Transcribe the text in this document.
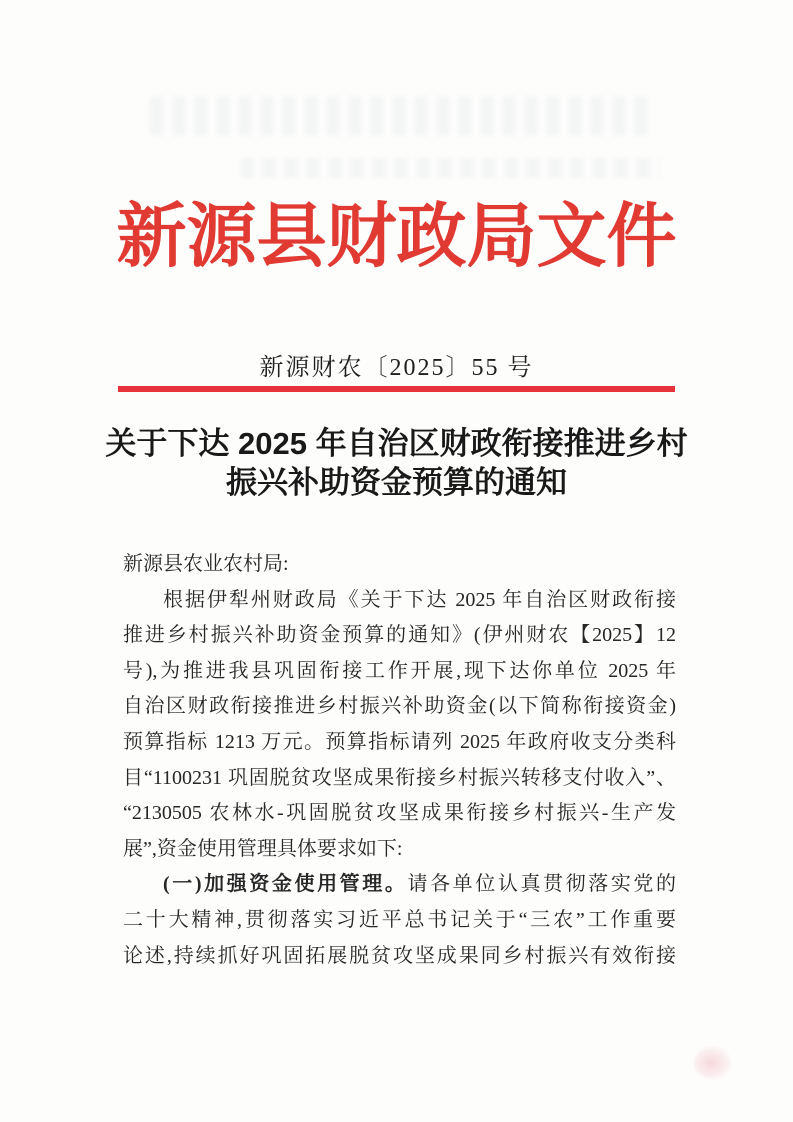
新源县财政局文件
新源财农〔2025〕55 号
关于下达 2025 年自治区财政衔接推进乡村
振兴补助资金预算的通知
新源县农业农村局:
根据伊犁州财政局《关于下达 2025 年自治区财政衔接
推进乡村振兴补助资金预算的通知》(伊州财农【2025】12
号),为推进我县巩固衔接工作开展,现下达你单位 2025 年
自治区财政衔接推进乡村振兴补助资金(以下简称衔接资金)
预算指标 1213 万元。预算指标请列 2025 年政府收支分类科
目“1100231 巩固脱贫攻坚成果衔接乡村振兴转移支付收入”、
“2130505 农林水-巩固脱贫攻坚成果衔接乡村振兴-生产发
展”,资金使用管理具体要求如下:
(一)加强资金使用管理。请各单位认真贯彻落实党的
二十大精神,贯彻落实习近平总书记关于“三农”工作重要
论述,持续抓好巩固拓展脱贫攻坚成果同乡村振兴有效衔接
